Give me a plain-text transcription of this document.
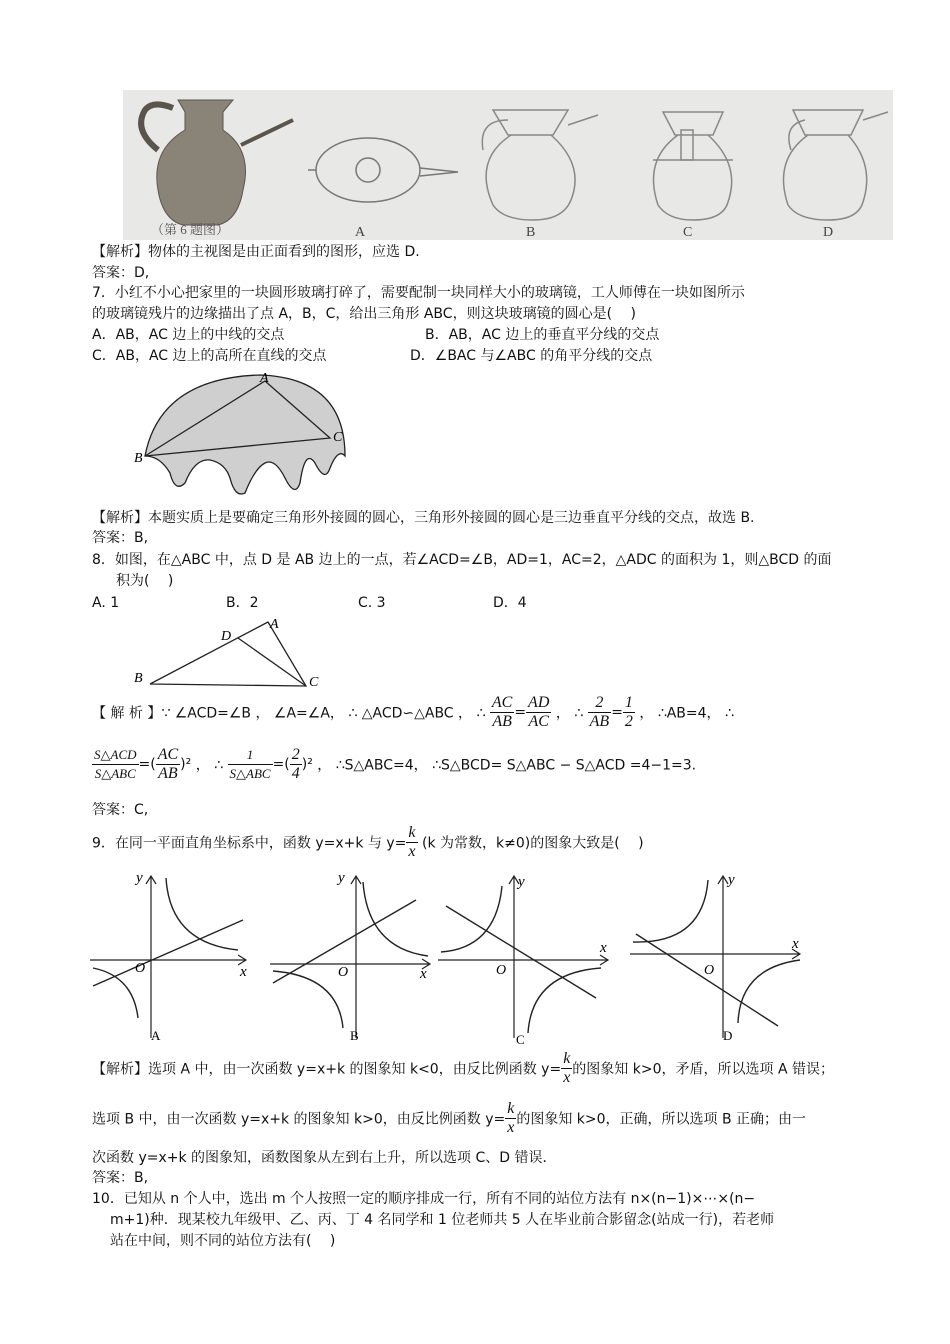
（第 6 题图）	A	B	C	D
【解析】物体的主视图是由正面看到的图形，应选 D.
答案：D,
7．小红不小心把家里的一块圆形玻璃打碎了，需要配制一块同样大小的玻璃镜，工人师傅在一块如图所示
的玻璃镜残片的边缘描出了点 A，B，C，给出三角形 ABC，则这块玻璃镜的圆心是(　 )
A．AB，AC 边上的中线的交点	B．AB，AC 边上的垂直平分线的交点
C．AB，AC 边上的高所在直线的交点	D．∠BAC 与∠ABC 的角平分线的交点
A
B
C
【解析】本题实质上是要确定三角形外接圆的圆心，三角形外接圆的圆心是三边垂直平分线的交点，故选 B.
答案：B,
8．如图，在△ABC 中，点 D 是 AB 边上的一点，若∠ACD=∠B，AD=1，AC=2，△ADC 的面积为 1，则△BCD 的面
积为(　 )
A. 1	B．2	C. 3	D．4
A
B	C
D
【 解 析 】∵ ∠ACD=∠B ， ∠A=∠A， ∴ △ACD∽△ABC ， ∴ $\frac{AC}{AB} = \frac{AD}{AC}$ ， ∴ $\frac{2}{AB} = \frac{1}{2}$ ， ∴AB=4， ∴
$\frac{\text{S△ACD}}{\text{S△ABC}}$ =( $\frac{AC}{AB} )^2$ ， ∴ $\frac{1}{\text{S△ABC}}$ =( $\frac{2}{4} )^2$ ， ∴S△ABC=4， ∴S△BCD= S△ABC − S△ACD =4−1=3.
答案：C,
9．在同一平面直角坐标系中，函数 y=x+k 与 $y= \frac{k}{x} (k$ 为常数，k≠0)的图象大致是(　 )
y
x
O
A
y
x
O
B
y
x
O
C
y
x
O
D
【解析】选项 A 中，由一次函数 y=x+k 的图象知 k<0，由反比例函数 $y= \frac{k}{x}$ 的图象知 k>0，矛盾，所以选项 A 错误；
选项 B 中，由一次函数 y=x+k 的图象知 k>0，由反比例函数 $y= \frac{k}{x}$ 的图象知 k>0，正确，所以选项 B 正确；由一
次函数 y=x+k 的图象知，函数图象从左到右上升，所以选项 C、D 错误．
答案：B,
10．已知从 n 个人中，选出 m 个人按照一定的顺序排成一行，所有不同的站位方法有 n×(n−1)×⋯×(n−
m+1)种．现某校九年级甲、乙、丙、丁 4 名同学和 1 位老师共 5 人在毕业前合影留念(站成一行)，若老师
站在中间，则不同的站位方法有(　 )
